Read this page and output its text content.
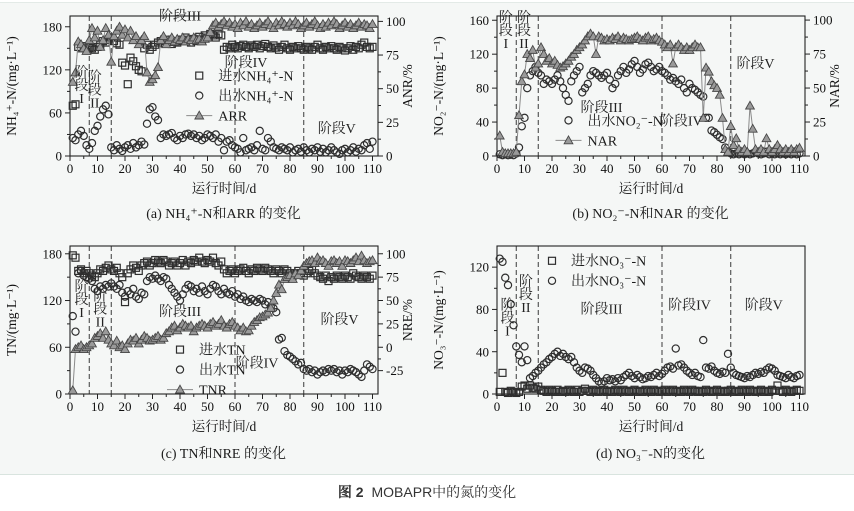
0 10 20 30 40 50 60 70 80 90 100 110
0
60
120
180
0
25
50
75
100
阶段 I
阶段 II
阶段III
阶段IV
阶段V
进水NH₄⁺-N
出水NH₄⁺-N
ARR
NH₄⁺-N/(mg·L⁻¹)	ANR/%
运行时间/d
(a) NH₄⁺-N和ARR 的变化
0 10 20 30 40 50 60 70 80 90 100 110
0
40
80
120
160
0
25
50
75
100
阶段 I
阶段 II
阶段III
阶段IV
阶段V
出水NO₂⁻-N
NAR
NO₂⁻-N/(mg·L⁻¹)	NAR/%
运行时间/d
(b) NO₂⁻-N和NAR 的变化
0 10 20 30 40 50 60 70 80 90 100 110
0
60
120
180
-25
0
25
50
75
100
阶段 I
阶段 II
阶段III
阶段IV
阶段V
进水TN
出水TN
TNR
TN/(mg·L⁻¹)	NRE/%
运行时间/d
(c) TN和NRE 的变化
0 10 20 30 40 50 60 70 80 90 100 110
0
40
80
120
阶段 I
阶段 II	阶段III	阶段IV 阶段V
进水NO₃⁻-N
出水NO₃⁻-N
NO₃⁻-N/(mg·L⁻¹)
运行时间/d
(d) NO₃⁻-N的变化
图 2 MOBAPR中的氮的变化
